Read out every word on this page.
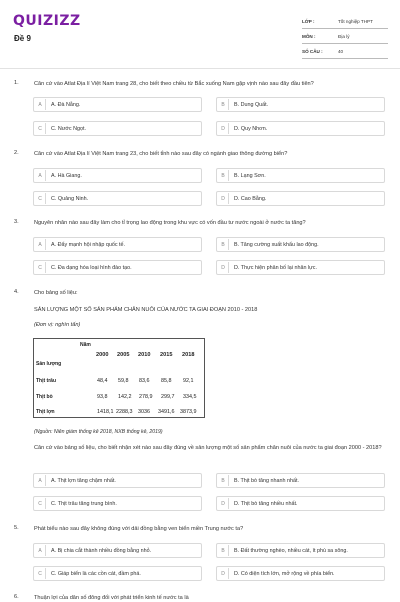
QUIZIZZ
Đề 9
LỚP :	Tốt nghiệp THPT
MÔN :	Địa lý
SỐ CÂU :	40
1.	Căn cứ vào Atlat Địa lí Việt Nam trang 28, cho biết theo chiều từ Bắc xuống Nam gặp vịnh nào sau đây đầu tiên?
A	A. Đà Nẵng.	B	B. Dung Quất.
C	C. Nước Ngọt.	D	D. Quy Nhơn.
2.	Căn cứ vào Atlat Địa lí Việt Nam trang 23, cho biết tỉnh nào sau đây có ngành giao thông đường biển?
A	A. Hà Giang.	B	B. Lạng Sơn.
C	C. Quảng Ninh.	D	D. Cao Bằng.
3.	Nguyên nhân nào sau đây làm cho tỉ trọng lao động trong khu vực có vốn đầu tư nước ngoài ở nước ta tăng?
A	A. Đẩy mạnh hội nhập quốc tế.	B	B. Tăng cường xuất khẩu lao động.
C	C. Đa dạng hóa loại hình đào tạo.	D	D. Thực hiện phân bố lại nhân lực.
4.	Cho bảng số liệu:
SẢN LƯỢNG MỘT SỐ SẢN PHẨM CHĂN NUÔI CỦA NƯỚC TA GIAI ĐOẠN 2010 - 2018
(Đơn vị: nghìn tấn)
Năm
Sản lượng
2000 2005 2010 2015 2018
Thịt trâu	48,4 59,8 83,6 85,8 92,1
Thịt bò	93,8 142,2 278,9 299,7 334,5
Thịt lợn	1418,1 2288,3 3036 3491,6 3873,9
(Nguồn: Niên giám thống kê 2018, NXB thống kê, 2019)
Căn cứ vào bảng số liệu, cho biết nhận xét nào sau đây đúng về sản lượng một số sản phẩm chăn nuôi của nước ta giai đoạn 2000 - 2018?
A	A. Thịt lợn tăng chậm nhất.	B	B. Thịt bò tăng nhanh nhất.
C	C. Thịt trâu tăng trung bình.	D	D. Thịt bò tăng nhiều nhất.
5.	Phát biểu nào sau đây không đúng với dải đồng bằng ven biển miền Trung nước ta?
A	A. Bị chia cắt thành nhiều đồng bằng nhỏ.	B	B. Đất thường nghèo, nhiều cát, ít phù sa sông.
C	C. Giáp biển là các cồn cát, đầm phá.	D	D. Có diện tích lớn, mở rộng về phía biển.
6.	Thuận lợi của dân số đông đối với phát triển kinh tế nước ta là
